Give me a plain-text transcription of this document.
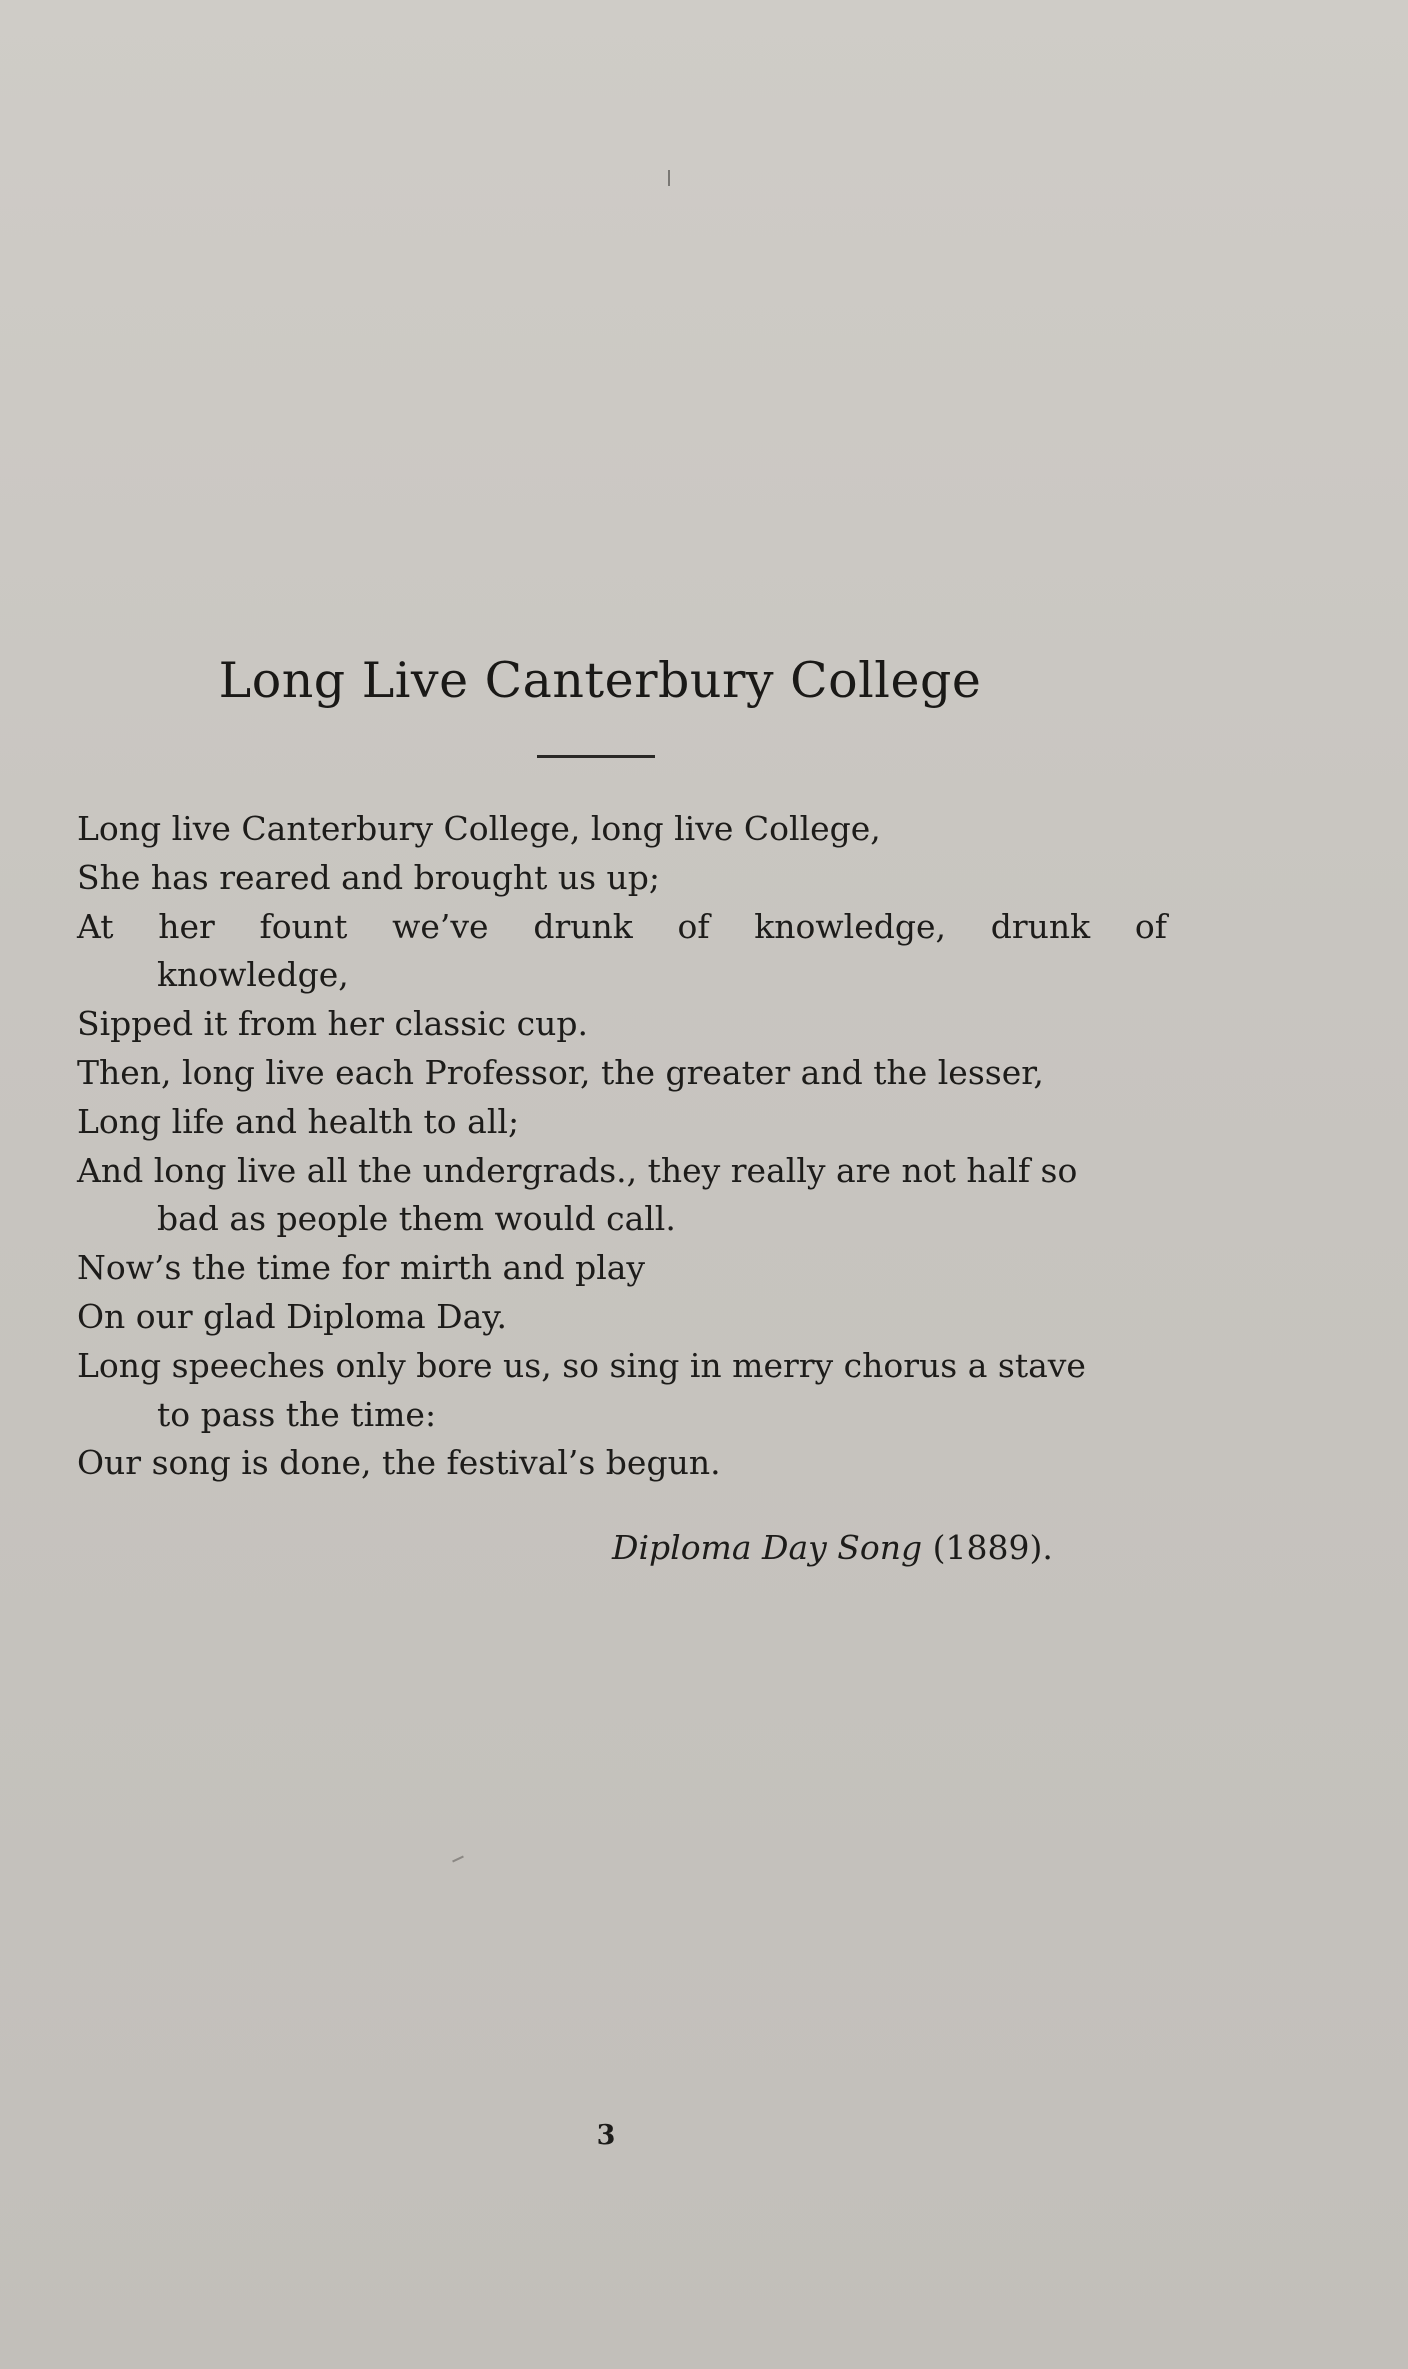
Long Live Canterbury College
Long live Canterbury College, long live College,
She has reared and brought us up;
At her fount we’ve drunk of knowledge, drunk of
knowledge,
Sipped it from her classic cup.
Then, long live each Professor, the greater and the lesser,
Long life and health to all;
And long live all the undergrads., they really are not half so
bad as people them would call.
Now’s the time for mirth and play
On our glad Diploma Day.
Long speeches only bore us, so sing in merry chorus a stave
to pass the time:
Our song is done, the festival’s begun.
Diploma Day Song (1889).
3
